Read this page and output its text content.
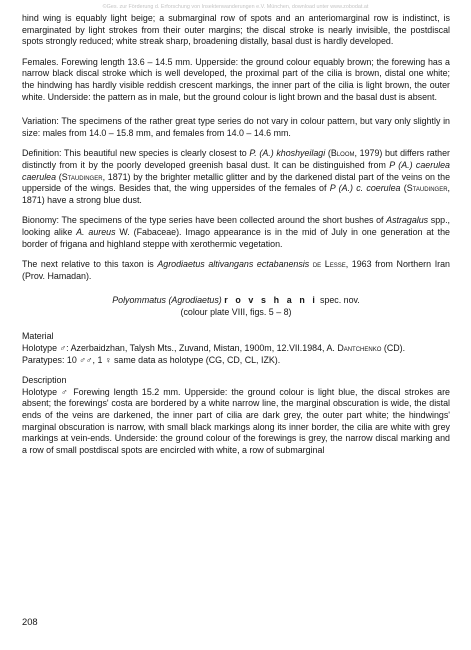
©Ges. zur Förderung d. Erforschung von Insektenwanderungen e.V. München, download unter www.zobodat.at

hind wing is equably light beige; a submarginal row of spots and an anteriomarginal row is indistinct, is emarginated by light strokes from their outer margins; the discal stroke is nearly invisible, the postdiscal spots strongly reduced; white streak sharp, broadening distally, basal dust is hardly developed.

Females. Forewing length 13.6 – 14.5 mm. Upperside: the ground colour equably brown; the forewing has a narrow black discal stroke which is well developed, the proximal part of the cilia is brown, distal one white; the hindwing has hardly visible reddish crescent markings, the inner part of the cilia is light brown, the outer white. Underside: the pattern as in male, but the ground colour is light brown and the basal dust is absent.

Variation: The specimens of the rather great type series do not vary in colour pattern, but vary only slightly in size: males from 14.0 – 15.8 mm, and females from 14.0 – 14.6 mm.

Definition: This beautiful new species is clearly closest to P. (A.) khoshyeilagi (Bloom, 1979) but differs rather distinctly from it by the poorly developed greenish basal dust. It can be distinguished from P (A.) caerulea caerulea (Staudinger, 1871) by the brighter metallic glitter and by the darkened distal part of the veins on the upperside of the wings. Besides that, the wing uppersides of the females of P (A.) c. coerulea (Staudinger, 1871) have a strong blue dust.

Bionomy: The specimens of the type series have been collected around the short bushes of Astragalus spp., looking alike A. aureus W. (Fabaceae). Imago appearance is in the mid of July in one generation at the border of frigana and highland steppe with xerothermic vegetation.

The next relative to this taxon is Agrodiaetus altivangans ectabanensis de Lesse, 1963 from Northern Iran (Prov. Hamadan).

Polyommatus (Agrodiaetus) r o v s h a n i spec. nov.

(colour plate VIII, figs. 5 – 8)

Material

Holotype ♂: Azerbaidzhan, Talysh Mts., Zuvand, Mistan, 1900m, 12.VII.1984, A. Dantchenko (CD).

Paratypes: 10 ♂♂, 1 ♀ same data as holotype (CG, CD, CL, IZK).

Description

Holotype ♂ Forewing length 15.2 mm. Upperside: the ground colour is light blue, the discal strokes are absent; the forewings' costa are bordered by a white narrow line, the marginal obscuration is wide, the distal ends of the veins are darkened, the inner part of cilia are dark grey, the outer part white; the hindwings' marginal obscuration is narrow, with small black markings along its inner border, the cilia are white with grey markings at vein-ends. Underside: the ground colour of the forewings is grey, the narrow discal marking and a row of small postdiscal spots are encircled with white, a row of submarginal

208
